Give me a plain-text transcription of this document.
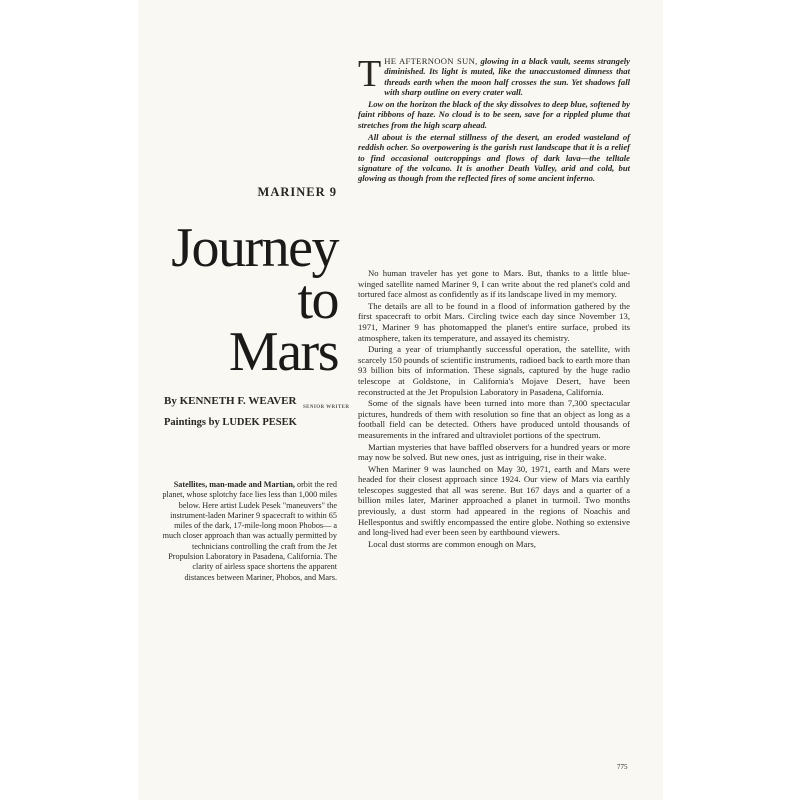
MARINER 9
Journey
to
Mars
By KENNETH F. WEAVER
SENIOR WRITER
Paintings by LUDEK PESEK
Satellites, man-made and Martian, orbit the red planet, whose splotchy face lies less than 1,000 miles below. Here artist Ludek Pesek "maneuvers" the instrument-laden Mariner 9 spacecraft to within 65 miles of the dark, 17-mile-long moon Phobos— a much closer approach than was actually permitted by technicians controlling the craft from the Jet Propulsion Laboratory in Pasadena, California. The clarity of airless space shortens the apparent distances between Mariner, Phobos, and Mars.

THE AFTERNOON SUN, glowing in a black vault, seems strangely diminished. Its light is muted, like the unaccustomed dimness that threads earth when the moon half crosses the sun. Yet shadows fall with sharp outline on every crater wall.

Low on the horizon the black of the sky dissolves to deep blue, softened by faint ribbons of haze. No cloud is to be seen, save for a rippled plume that stretches from the high scarp ahead.

All about is the eternal stillness of the desert, an eroded wasteland of reddish ocher. So overpowering is the garish rust landscape that it is a relief to find occasional outcroppings and flows of dark lava—the telltale signature of the volcano. It is another Death Valley, arid and cold, but glowing as though from the reflected fires of some ancient inferno.

No human traveler has yet gone to Mars. But, thanks to a little blue-winged satellite named Mariner 9, I can write about the red planet's cold and tortured face almost as confidently as if its landscape lived in my memory.

The details are all to be found in a flood of information gathered by the first spacecraft to orbit Mars. Circling twice each day since November 13, 1971, Mariner 9 has photomapped the planet's entire surface, probed its atmosphere, taken its temperature, and assayed its chemistry.

During a year of triumphantly successful operation, the satellite, with scarcely 150 pounds of scientific instruments, radioed back to earth more than 93 billion bits of information. These signals, captured by the huge radio telescope at Goldstone, in California's Mojave Desert, have been reconstructed at the Jet Propulsion Laboratory in Pasadena, California.

Some of the signals have been turned into more than 7,300 spectacular pictures, hundreds of them with resolution so fine that an object as long as a football field can be detected. Others have produced untold thousands of measurements in the infrared and ultraviolet portions of the spectrum.

Martian mysteries that have baffled observers for a hundred years or more may now be solved. But new ones, just as intriguing, rise in their wake.

When Mariner 9 was launched on May 30, 1971, earth and Mars were headed for their closest approach since 1924. Our view of Mars via earthly telescopes suggested that all was serene. But 167 days and a quarter of a billion miles later, Mariner approached a planet in turmoil. Two months previously, a dust storm had appeared in the regions of Noachis and Hellespontus and swiftly encompassed the entire globe. Nothing so extensive and long-lived had ever been seen by earthbound viewers.

Local dust storms are common enough on Mars,

775
